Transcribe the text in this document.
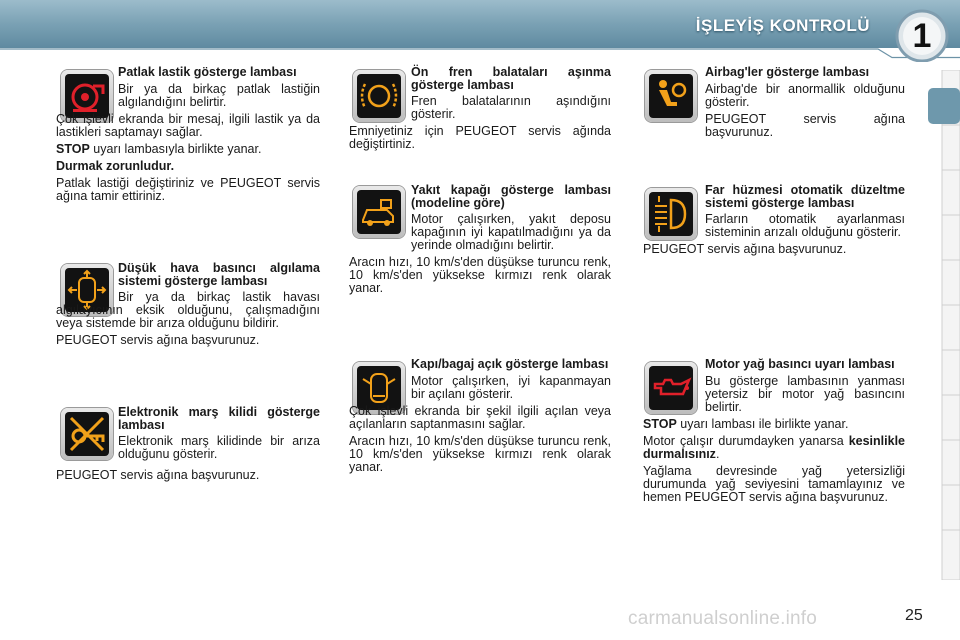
İŞLEYİŞ KONTROLÜ	1

Patlak lastik gösterge lambası

Bir ya da birkaç patlak lastiğin algılandığını belirtir.

Çok işlevli ekranda bir mesaj, ilgili lastik ya da lastikleri saptamayı sağlar.

STOP uyarı lambasıyla birlikte yanar.

Durmak zorunludur.

Patlak lastiği değiştiriniz ve PEUGEOT servis ağına tamir ettiriniz.

Düşük hava basıncı algılama sistemi gösterge lambası

Bir ya da birkaç lastik havası algılayıcının eksik olduğunu, çalışmadığını veya sistemde bir arıza olduğunu bildirir.

PEUGEOT servis ağına başvurunuz.

Elektronik marş kilidi gösterge lambası

Elektronik marş kilidinde bir arıza olduğunu gösterir.

PEUGEOT servis ağına başvurunuz.

Ön fren balataları aşınma gösterge lambası

Fren balatalarının aşındığını gösterir.

Emniyetiniz için PEUGEOT servis ağında değiştirtiniz.

Yakıt kapağı gösterge lambası (modeline göre)

Motor çalışırken, yakıt deposu kapağının iyi kapatılmadığını ya da yerinde olmadığını belirtir.

Aracın hızı, 10 km/s'den düşükse turuncu renk, 10 km/s'den yüksekse kırmızı renk olarak yanar.

Kapı/bagaj açık gösterge lambası

Motor çalışırken, iyi kapanmayan bir açılanı gösterir.

Çok işlevli ekranda bir şekil ilgili açılan veya açılanların saptanmasını sağlar.

Aracın hızı, 10 km/s'den düşükse turuncu renk, 10 km/s'den yüksekse kırmızı renk olarak yanar.

Airbag'ler gösterge lambası

Airbag'de bir anormallik olduğunu gösterir.

PEUGEOT servis ağına başvurunuz.

Far hüzmesi otomatik düzeltme sistemi gösterge lambası

Farların otomatik ayarlanması sisteminin arızalı olduğunu gösterir.

PEUGEOT servis ağına başvurunuz.

Motor yağ basıncı uyarı lambası

Bu gösterge lambasının yanması yetersiz bir motor yağ basıncını belirtir.

STOP uyarı lambası ile birlikte yanar.

Motor çalışır durumdayken yanarsa kesinlikle durmalısınız.

Yağlama devresinde yağ yetersizliği durumunda yağ seviyesini tamamlayınız ve hemen PEUGEOT servis ağına başvurunuz.

carmanualsonline.info	25
